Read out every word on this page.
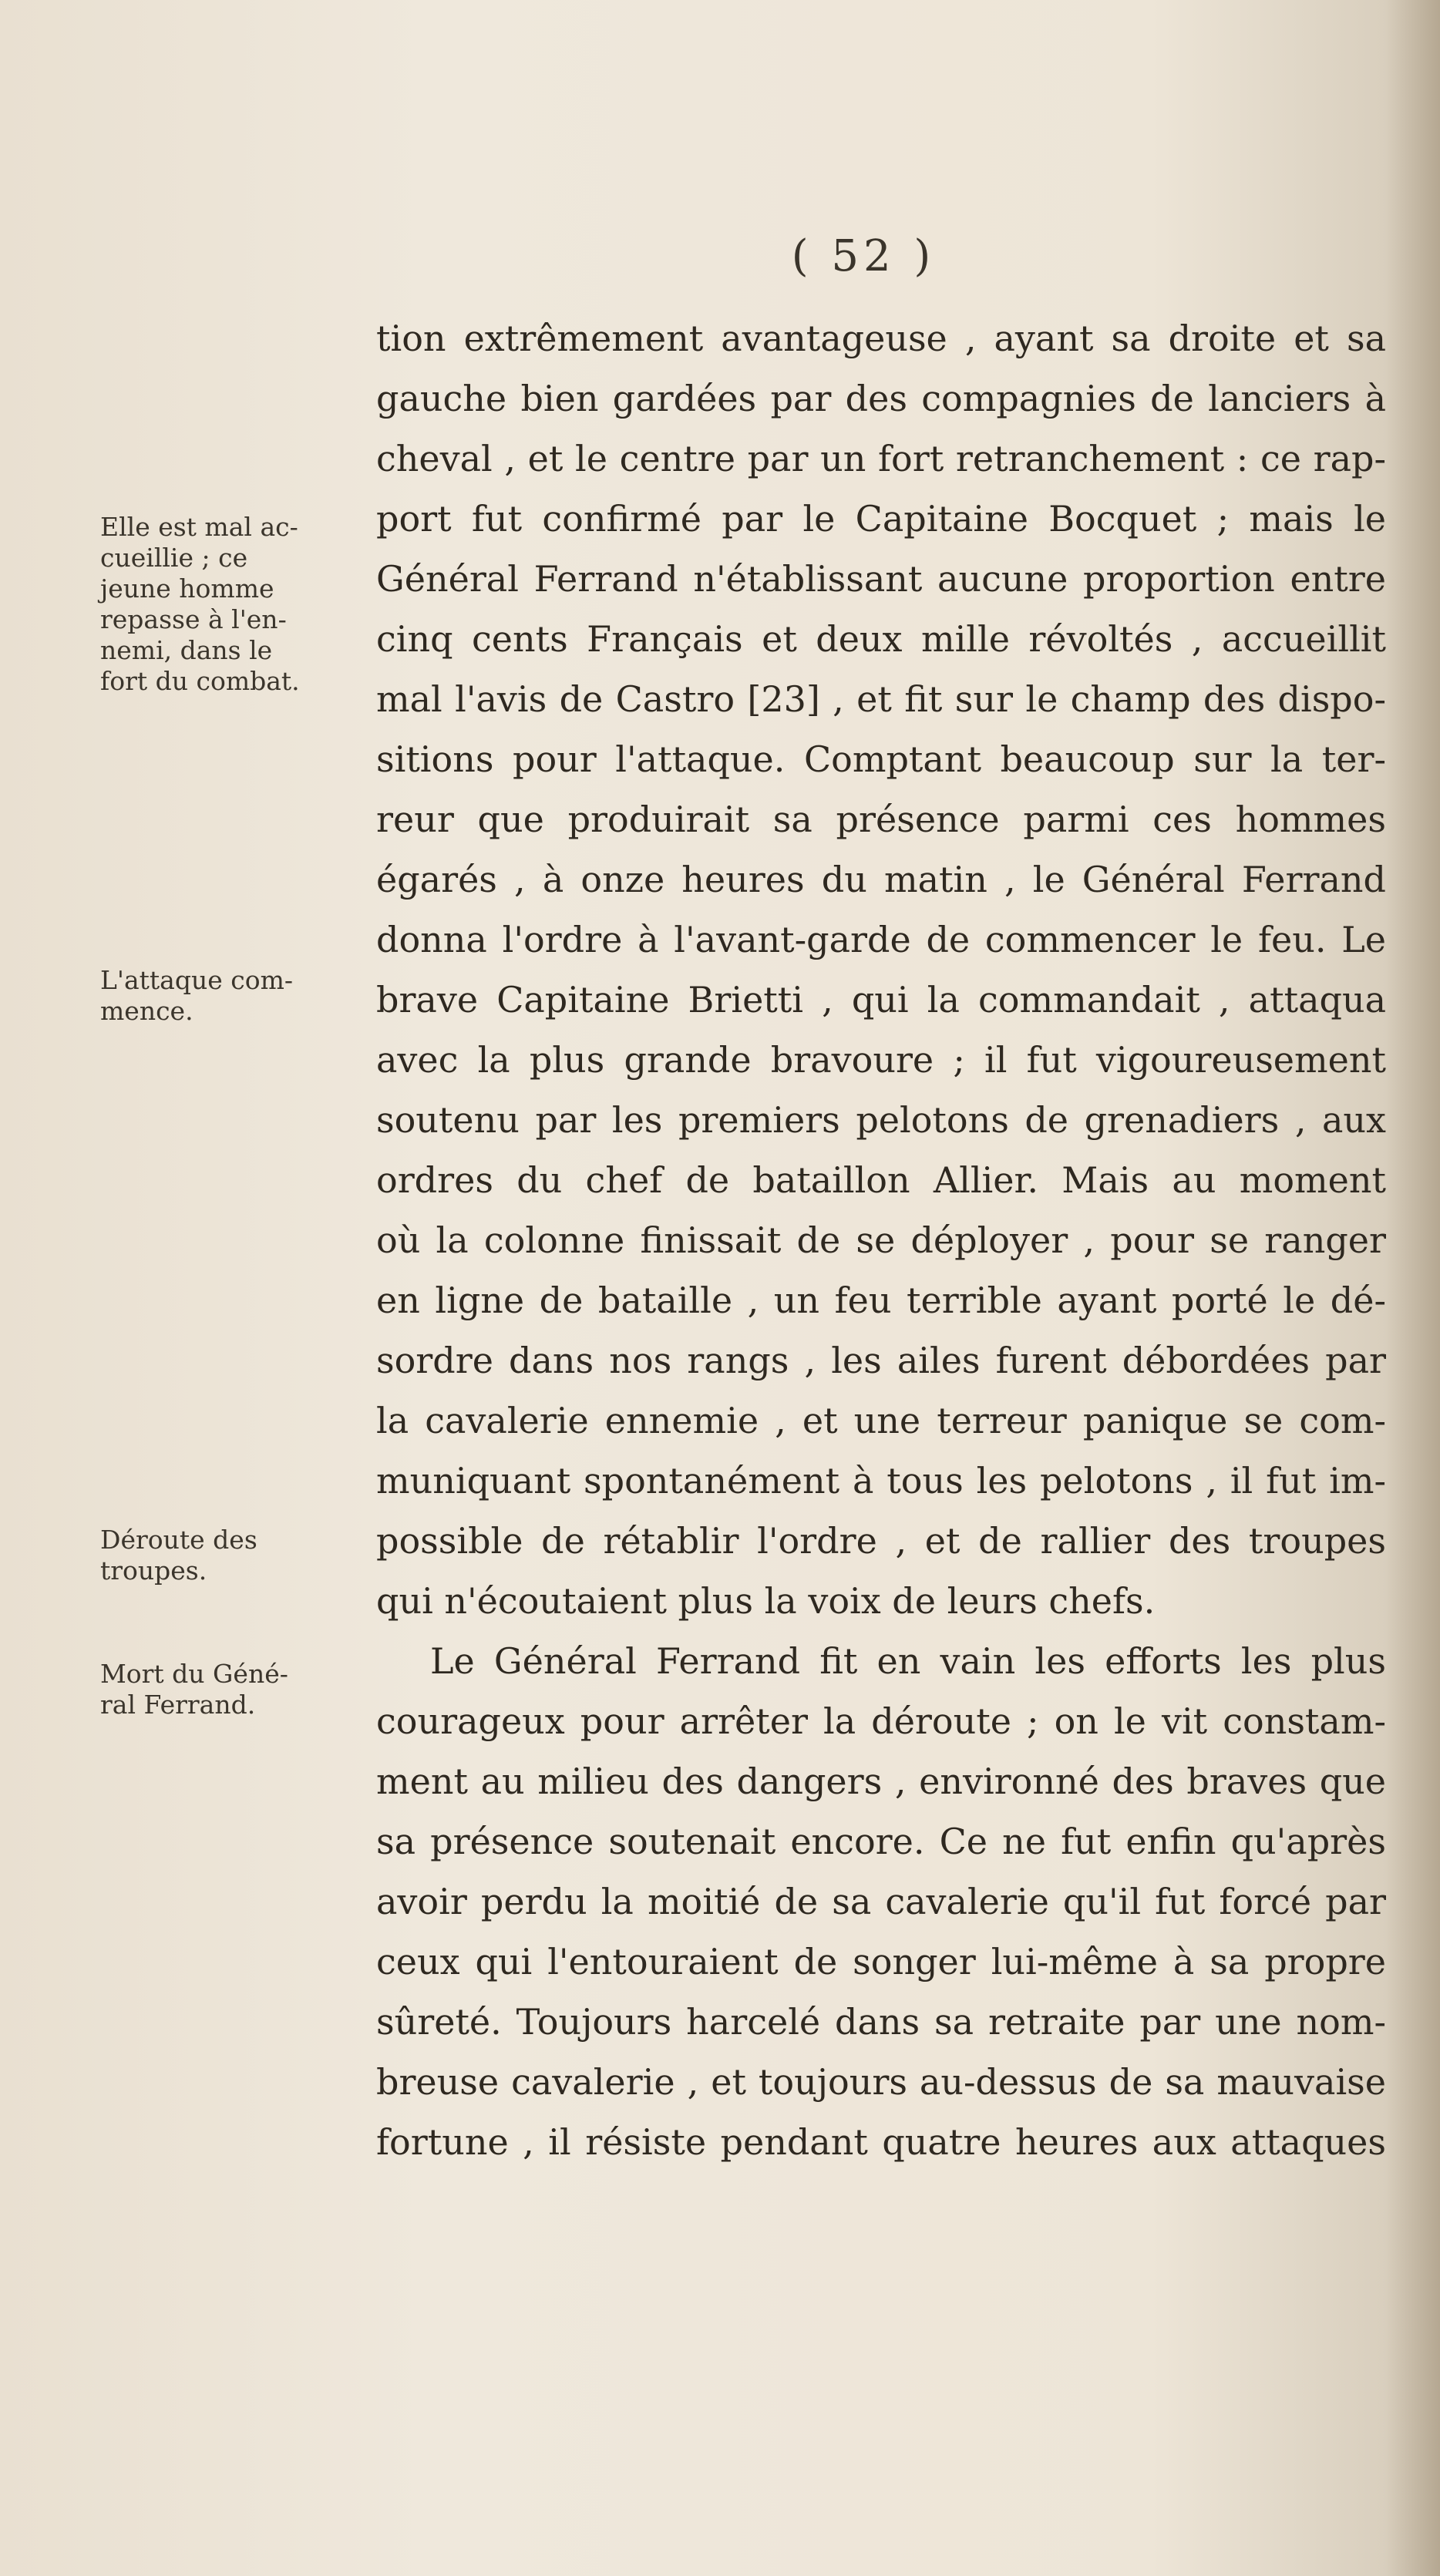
( 52 )
Elle est mal ac-
cueillie ; ce
jeune homme
repasse à l'en-
nemi, dans le
fort du combat.
L'attaque com-
mence.
Déroute des
troupes.
Mort du Géné-
ral Ferrand.
tion extrêmement avantageuse , ayant sa droite et sa
gauche bien gardées par des compagnies de lanciers à
cheval , et le centre par un fort retranchement : ce rap-
port fut confirmé par le Capitaine Bocquet ; mais le
Général Ferrand n'établissant aucune proportion entre
cinq cents Français et deux mille révoltés , accueillit
mal l'avis de Castro [23] , et fit sur le champ des dispo-
sitions pour l'attaque. Comptant beaucoup sur la ter-
reur que produirait sa présence parmi ces hommes
égarés , à onze heures du matin , le Général Ferrand
donna l'ordre à l'avant-garde de commencer le feu. Le
brave Capitaine Brietti , qui la commandait , attaqua
avec la plus grande bravoure ; il fut vigoureusement
soutenu par les premiers pelotons de grenadiers , aux
ordres du chef de bataillon Allier. Mais au moment
où la colonne finissait de se déployer , pour se ranger
en ligne de bataille , un feu terrible ayant porté le dé-
sordre dans nos rangs , les ailes furent débordées par
la cavalerie ennemie , et une terreur panique se com-
muniquant spontanément à tous les pelotons , il fut im-
possible de rétablir l'ordre , et de rallier des troupes
qui n'écoutaient plus la voix de leurs chefs.
Le Général Ferrand fit en vain les efforts les plus
courageux pour arrêter la déroute ; on le vit constam-
ment au milieu des dangers , environné des braves que
sa présence soutenait encore. Ce ne fut enfin qu'après
avoir perdu la moitié de sa cavalerie qu'il fut forcé par
ceux qui l'entouraient de songer lui-même à sa propre
sûreté. Toujours harcelé dans sa retraite par une nom-
breuse cavalerie , et toujours au-dessus de sa mauvaise
fortune , il résiste pendant quatre heures aux attaques
